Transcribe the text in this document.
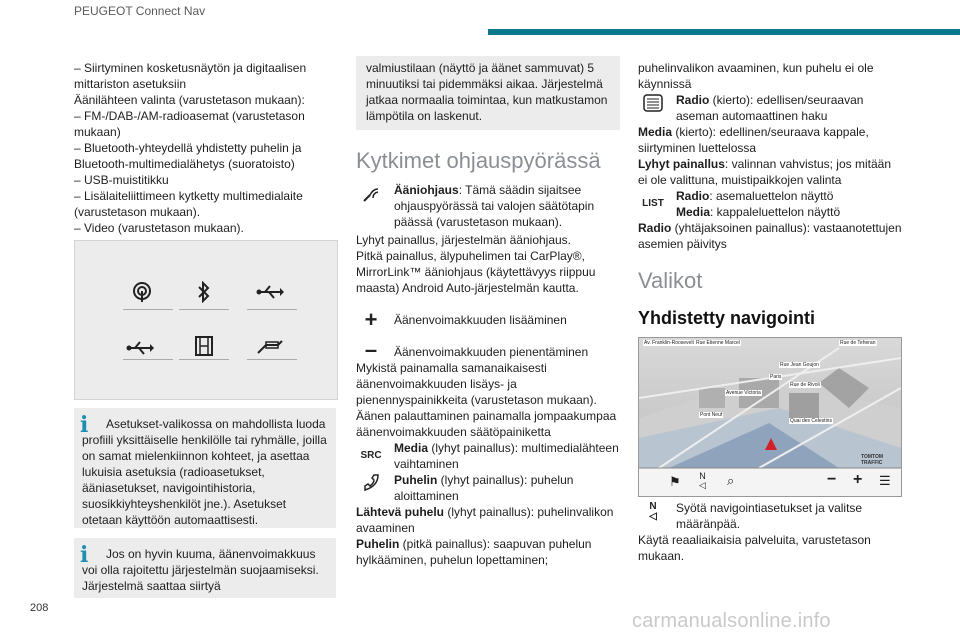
PEUGEOT Connect Nav

– Siirtyminen kosketusnäytön ja digitaalisen mittariston asetuksiin

Äänilähteen valinta (varustetason mukaan):

– FM-/DAB-/AM-radioasemat (varustetason mukaan)

– Bluetooth-yhteydellä yhdistetty puhelin ja Bluetooth-multimedialähetys (suoratoisto)

– USB-muistitikku

– Lisälaiteliittimeen kytketty multimedialaite (varustetason mukaan).

– Video (varustetason mukaan).

i	Asetukset-valikossa on mahdollista luoda profiili yksittäiselle henkilölle tai ryhmälle, joilla on samat mielenkiinnon kohteet, ja asettaa lukuisia asetuksia (radioasetukset, ääniasetukset, navigointihistoria, suosikkiyhteyshenkilöt jne.). Asetukset otetaan käyttöön automaattisesti.
i	Jos on hyvin kuuma, äänenvoimakkuus voi olla rajoitettu järjestelmän suojaamiseksi. Järjestelmä saattaa siirtyä
valmiustilaan (näyttö ja äänet sammuvat) 5 minuutiksi tai pidemmäksi aikaa. Järjestelmä jatkaa normaalia toimintaa, kun matkustamon lämpötila on laskenut.
Kytkimet ohjauspyörässä
Ääniohjaus: Tämä säädin sijaitsee ohjauspyörässä tai valojen säätötapin päässä (varustetason mukaan).

Lyhyt painallus, järjestelmän ääniohjaus.

Pitkä painallus, älypuhelimen tai CarPlay®, MirrorLink™ ääniohjaus (käytettävyys riippuu maasta) Android Auto-järjestelmän kautta.

+	Äänenvoimakkuuden lisääminen
–	Äänenvoimakkuuden pienentäminen

Mykistä painamalla samanaikaisesti äänenvoimakkuuden lisäys- ja pienennyspainikkeita (varustetason mukaan). Äänen palauttaminen painamalla jompaakumpaa äänenvoimakkuuden säätöpainiketta

SRC
Media (lyhyt painallus): multimedialähteen vaihtaminen
Puhelin (lyhyt painallus): puhelun aloittaminen

Lähtevä puhelu (lyhyt painallus): puhelinvalikon avaaminen

Puhelin (pitkä painallus): saapuvan puhelun hylkääminen, puhelun lopettaminen;

puhelinvalikon avaaminen, kun puhelu ei ole käynnissä

Radio (kierto): edellisen/seuraavan aseman automaattinen haku

Media (kierto): edellinen/seuraava kappale, siirtyminen luettelossa

Lyhyt painallus: valinnan vahvistus; jos mitään ei ole valittuna, muistipaikkojen valinta

LIST

Radio: asemaluettelon näyttö

Media: kappaleluettelon näyttö

Radio (yhtäjaksoinen painallus): vastaanotettujen asemien päivitys

Valikot
Yhdistetty navigointi
Av. Franklin-Roosevelt Rue Etienne Marcel	Rue de Teheran
Rue Jean Goujon
Paris
Avenue Victoria
Rue de Rivoli
Pont Neuf
Quai des Celestins
TOMTOM TRAFFIC
⚑ N
◁ ⌕	− + ☰
N
◁
Syötä navigointiasetukset ja valitse määränpää.

Käytä reaaliaikaisia palveluita, varustetason mukaan.

208
carmanualsonline.info
